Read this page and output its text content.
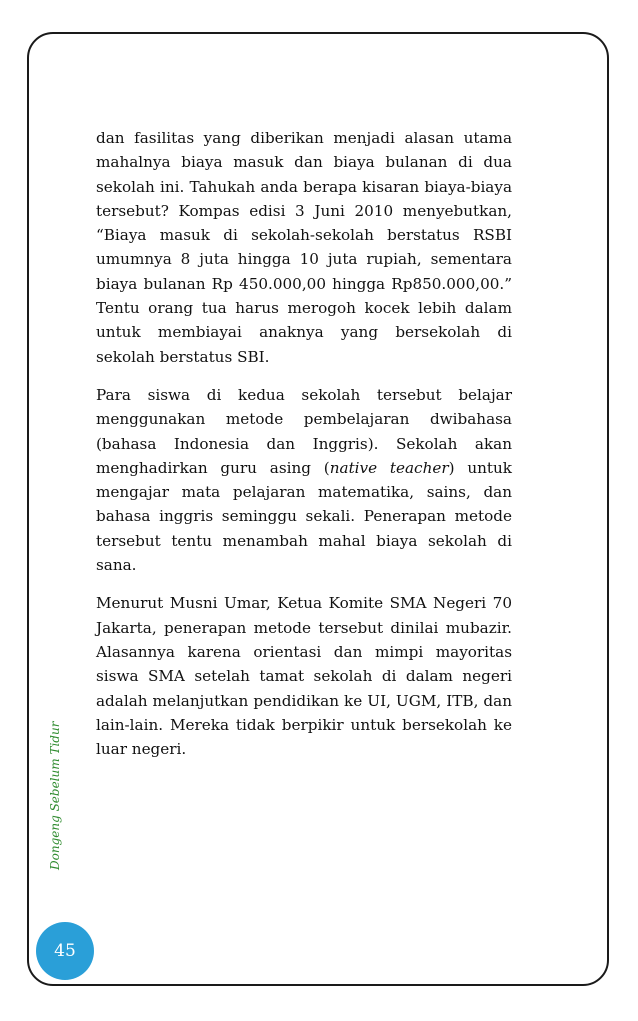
Dongeng Sebelum Tidur

dan fasilitas yang diberikan menjadi alasan utama mahalnya biaya masuk dan biaya bulanan di dua sekolah ini. Tahukah anda berapa kisaran biaya-biaya tersebut? Kompas edisi 3 Juni 2010 menyebutkan, “Biaya masuk di sekolah-sekolah berstatus RSBI umumnya 8 juta hingga 10 juta rupiah, sementara biaya bulanan Rp 450.000,00 hingga Rp850.000,00.” Tentu orang tua harus merogoh kocek lebih dalam untuk membiayai anaknya yang bersekolah di sekolah berstatus SBI.

Para siswa di kedua sekolah tersebut belajar menggunakan metode pembelajaran dwibahasa (bahasa Indonesia dan Inggris). Sekolah akan menghadirkan guru asing (native teacher) untuk mengajar mata pelajaran matematika, sains, dan bahasa inggris seminggu sekali. Penerapan metode tersebut tentu menambah mahal biaya sekolah di sana.

Menurut Musni Umar, Ketua Komite SMA Negeri 70 Jakarta, penerapan metode tersebut dinilai mubazir. Alasannya karena orientasi dan mimpi mayoritas siswa SMA setelah tamat sekolah di dalam negeri adalah melanjutkan pendidikan ke UI, UGM, ITB, dan lain-lain. Mereka tidak berpikir untuk bersekolah ke luar negeri.

45
